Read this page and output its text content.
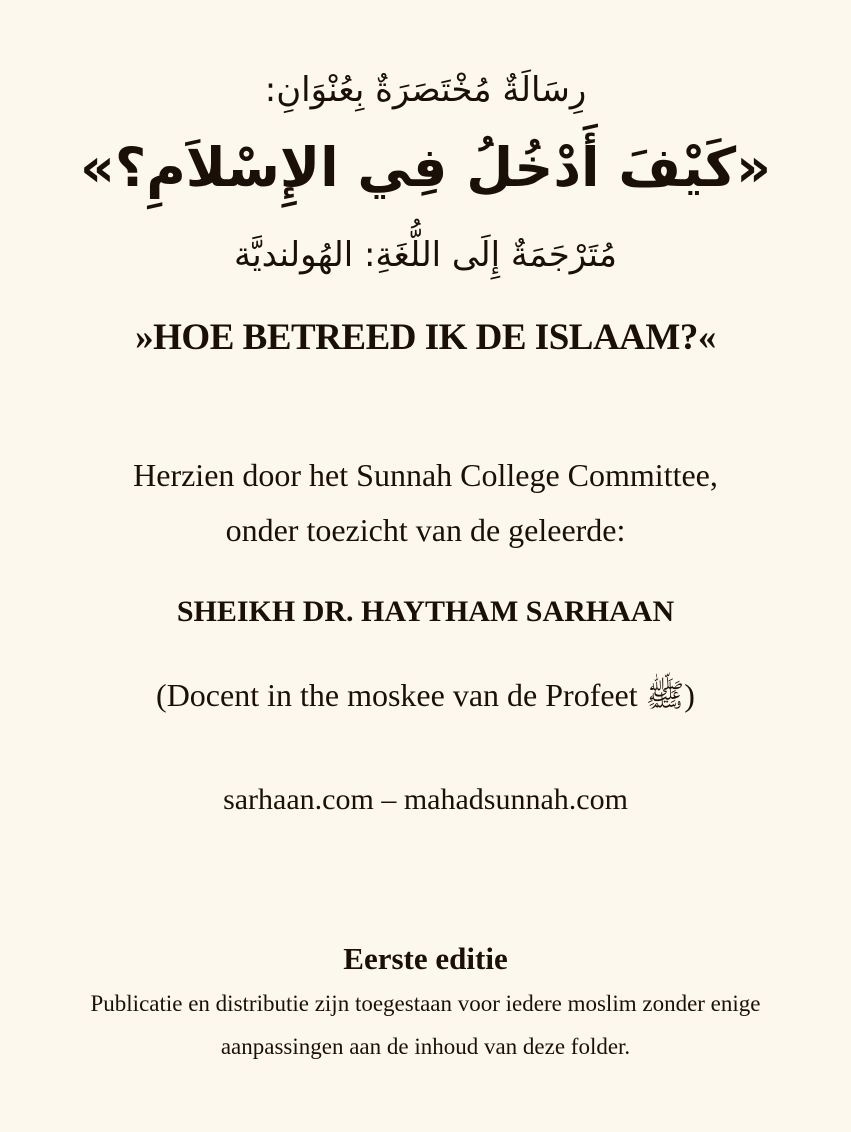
رِسَالَةٌ مُخْتَصَرَةٌ بِعُنْوَانِ:
«كَيْفَ أَدْخُلُ فِي الإِسْلاَمِ؟»
مُتَرْجَمَةٌ إِلَى اللُّغَةِ: الهُولنديَّة
»HOE BETREED IK DE ISLAAM?«
Herzien door het Sunnah College Committee,
onder toezicht van de geleerde:
SHEIKH DR. HAYTHAM SARHAAN
(Docent in the moskee van de Profeet ﷺ)
sarhaan.com – mahadsunnah.com
Eerste editie
Publicatie en distributie zijn toegestaan voor iedere moslim zonder enige
aanpassingen aan de inhoud van deze folder.
